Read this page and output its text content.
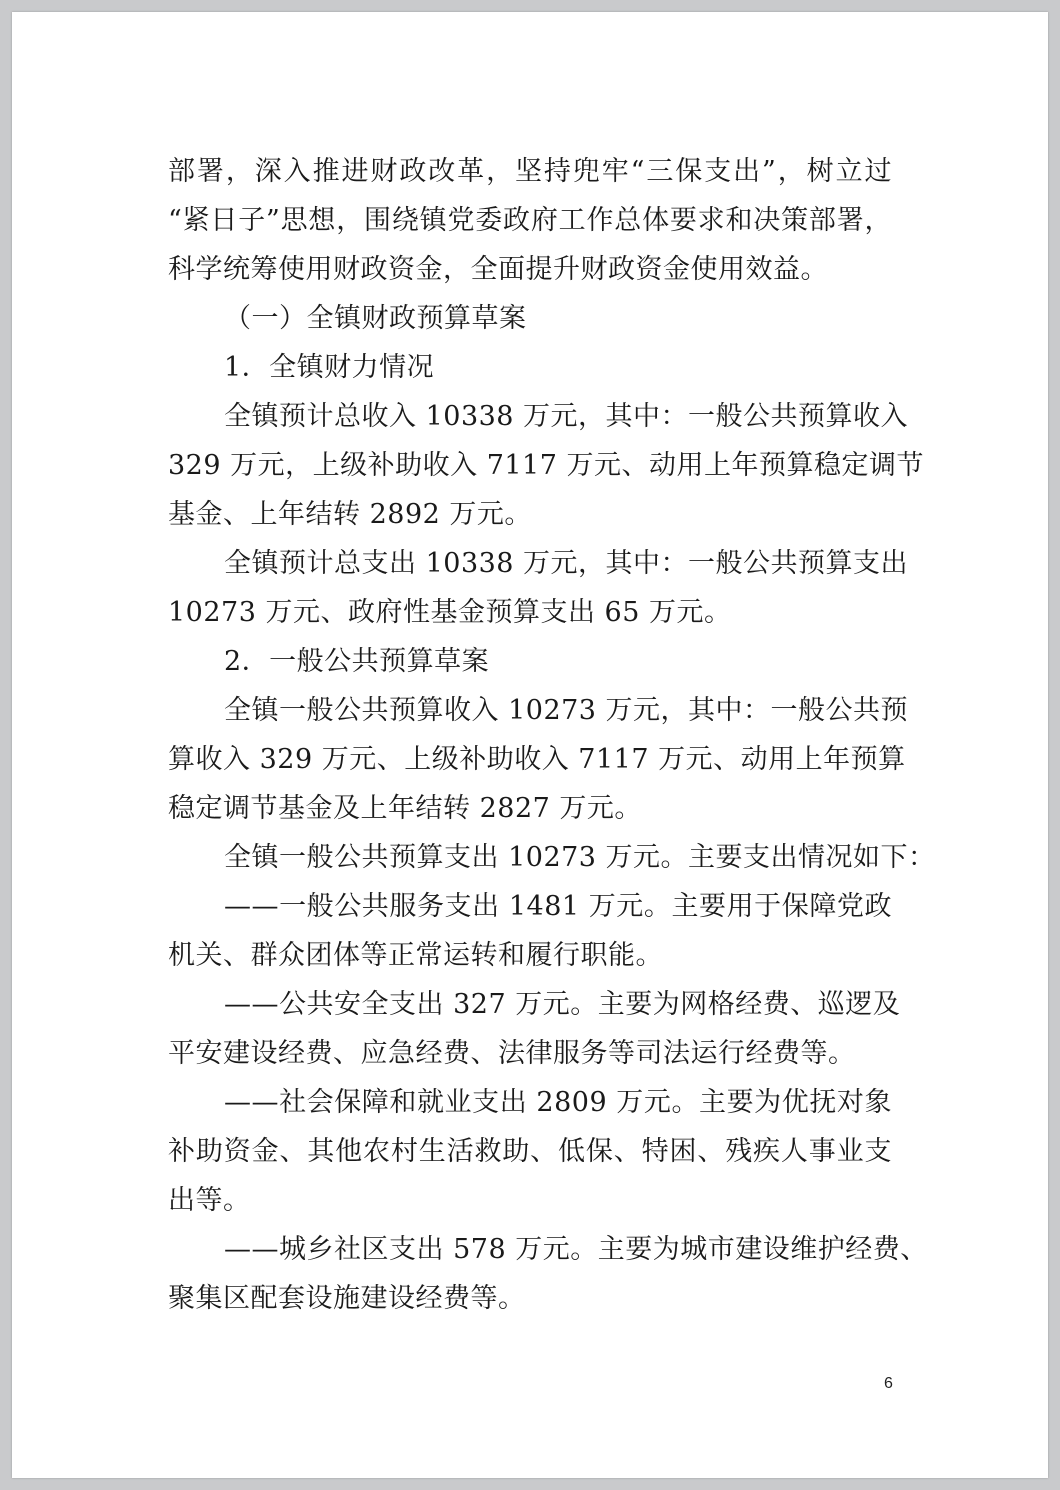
部署，深入推进财政改革，坚持兜牢“三保支出”，树立过
“紧日子”思想，围绕镇党委政府工作总体要求和决策部署，
科学统筹使用财政资金，全面提升财政资金使用效益。
（一）全镇财政预算草案
1．全镇财力情况
全镇预计总收入 10338 万元，其中：一般公共预算收入
329 万元，上级补助收入 7117 万元、动用上年预算稳定调节
基金、上年结转 2892 万元。
全镇预计总支出 10338 万元，其中：一般公共预算支出
10273 万元、政府性基金预算支出 65 万元。
2．一般公共预算草案
全镇一般公共预算收入 10273 万元，其中：一般公共预
算收入 329 万元、上级补助收入 7117 万元、动用上年预算
稳定调节基金及上年结转 2827 万元。
全镇一般公共预算支出 10273 万元。主要支出情况如下：
——一般公共服务支出 1481 万元。主要用于保障党政
机关、群众团体等正常运转和履行职能。
——公共安全支出 327 万元。主要为网格经费、巡逻及
平安建设经费、应急经费、法律服务等司法运行经费等。
——社会保障和就业支出 2809 万元。主要为优抚对象
补助资金、其他农村生活救助、低保、特困、残疾人事业支
出等。
——城乡社区支出 578 万元。主要为城市建设维护经费、
聚集区配套设施建设经费等。
6
